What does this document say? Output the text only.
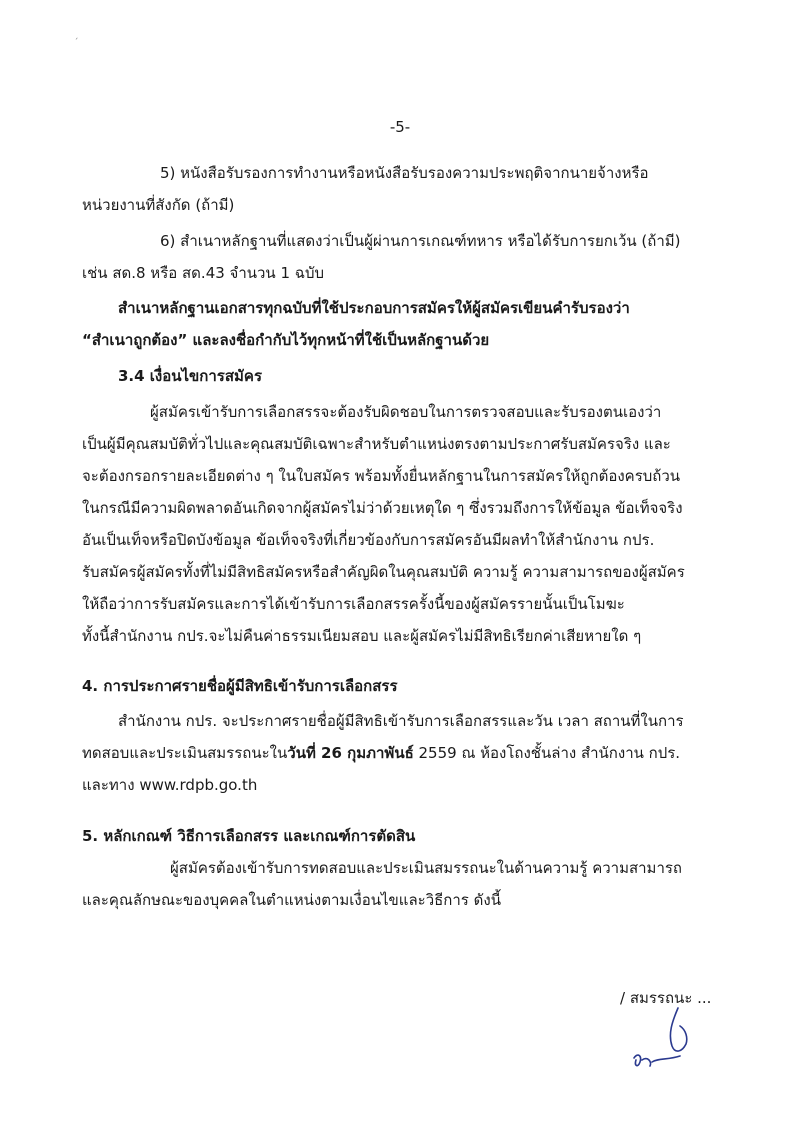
ˊ
-5-
5) หนังสือรับรองการทำงานหรือหนังสือรับรองความประพฤติจากนายจ้างหรือ
หน่วยงานที่สังกัด (ถ้ามี)
6) สำเนาหลักฐานที่แสดงว่าเป็นผู้ผ่านการเกณฑ์ทหาร หรือได้รับการยกเว้น (ถ้ามี)
เช่น สด.8 หรือ สด.43 จำนวน 1 ฉบับ
สำเนาหลักฐานเอกสารทุกฉบับที่ใช้ประกอบการสมัครให้ผู้สมัครเขียนคำรับรองว่า
“สำเนาถูกต้อง” และลงชื่อกำกับไว้ทุกหน้าที่ใช้เป็นหลักฐานด้วย
3.4 เงื่อนไขการสมัคร
ผู้สมัครเข้ารับการเลือกสรรจะต้องรับผิดชอบในการตรวจสอบและรับรองตนเองว่า
เป็นผู้มีคุณสมบัติทั่วไปและคุณสมบัติเฉพาะสำหรับตำแหน่งตรงตามประกาศรับสมัครจริง และ
จะต้องกรอกรายละเอียดต่าง ๆ ในใบสมัคร พร้อมทั้งยื่นหลักฐานในการสมัครให้ถูกต้องครบถ้วน
ในกรณีมีความผิดพลาดอันเกิดจากผู้สมัครไม่ว่าด้วยเหตุใด ๆ ซึ่งรวมถึงการให้ข้อมูล ข้อเท็จจริง
อันเป็นเท็จหรือปิดบังข้อมูล ข้อเท็จจริงที่เกี่ยวข้องกับการสมัครอันมีผลทำให้สำนักงาน กปร.
รับสมัครผู้สมัครทั้งที่ไม่มีสิทธิสมัครหรือสำคัญผิดในคุณสมบัติ ความรู้ ความสามารถของผู้สมัคร
ให้ถือว่าการรับสมัครและการได้เข้ารับการเลือกสรรครั้งนี้ของผู้สมัครรายนั้นเป็นโมฆะ
ทั้งนี้สำนักงาน กปร.จะไม่คืนค่าธรรมเนียมสอบ และผู้สมัครไม่มีสิทธิเรียกค่าเสียหายใด ๆ
4. การประกาศรายชื่อผู้มีสิทธิเข้ารับการเลือกสรร
สำนักงาน กปร. จะประกาศรายชื่อผู้มีสิทธิเข้ารับการเลือกสรรและวัน เวลา สถานที่ในการ
ทดสอบและประเมินสมรรถนะในวันที่ 26 กุมภาพันธ์ 2559 ณ ห้องโถงชั้นล่าง สำนักงาน กปร.
และทาง www.rdpb.go.th
5. หลักเกณฑ์ วิธีการเลือกสรร และเกณฑ์การตัดสิน
ผู้สมัครต้องเข้ารับการทดสอบและประเมินสมรรถนะในด้านความรู้ ความสามารถ
และคุณลักษณะของบุคคลในตำแหน่งตามเงื่อนไขและวิธีการ ดังนี้
/ สมรรถนะ ...
